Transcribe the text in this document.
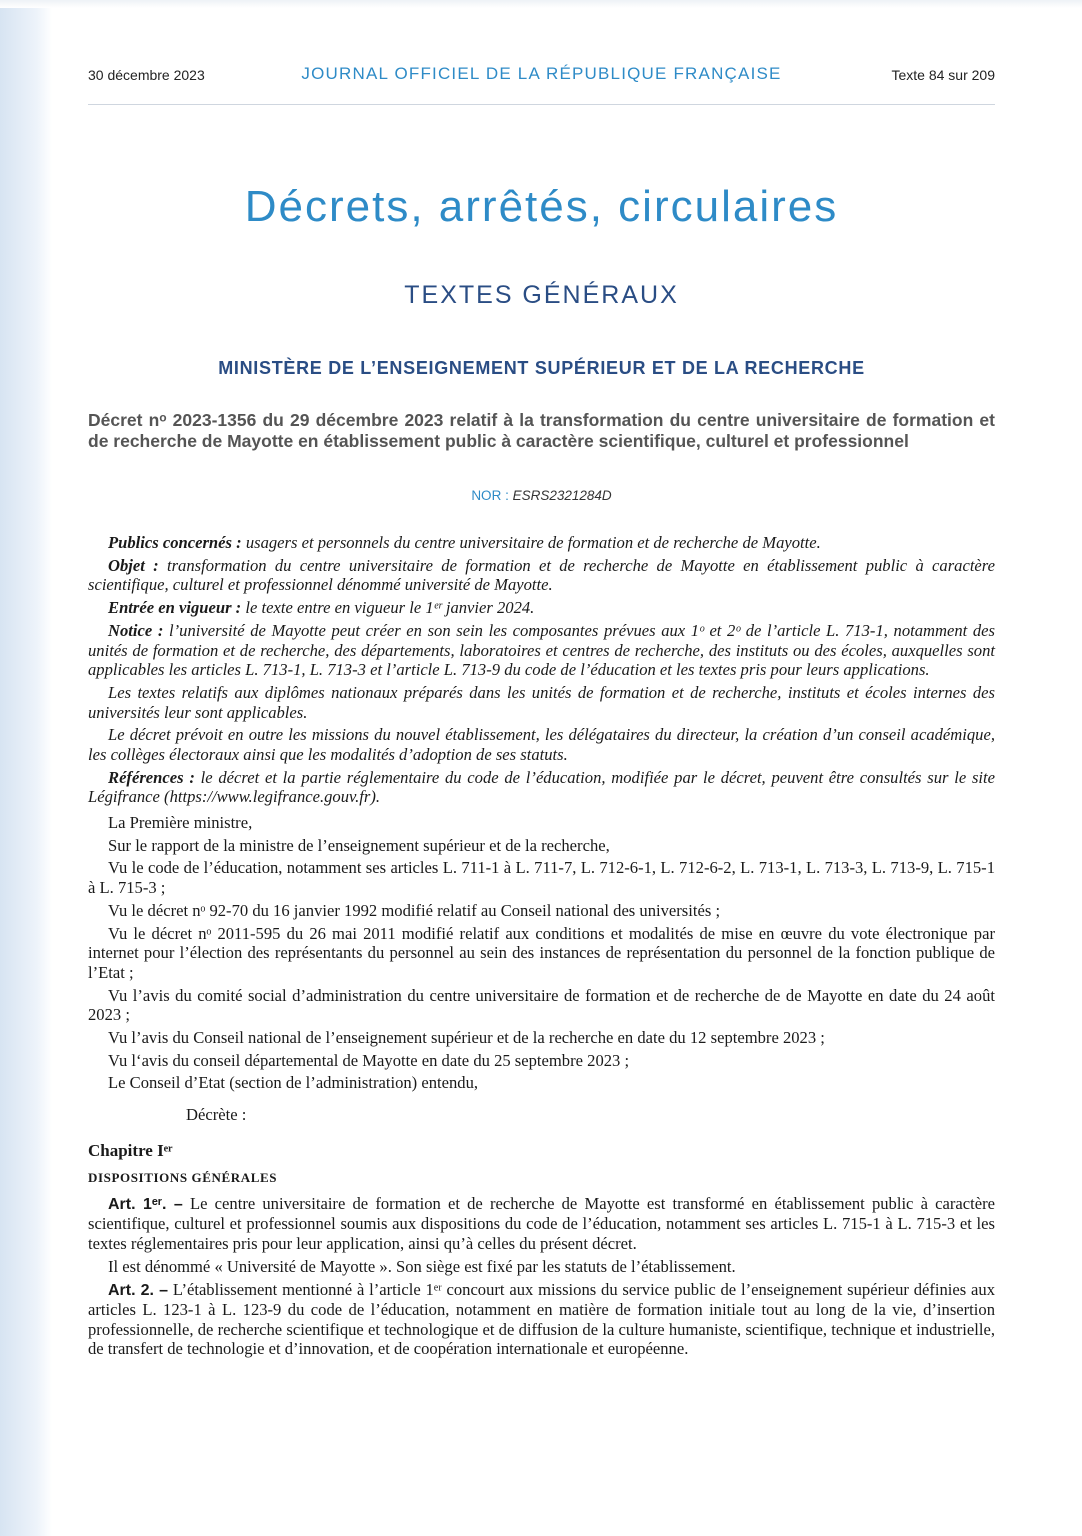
30 décembre 2023	JOURNAL OFFICIEL DE LA RÉPUBLIQUE FRANÇAISE	Texte 84 sur 209
Décrets, arrêtés, circulaires
TEXTES GÉNÉRAUX
MINISTÈRE DE L’ENSEIGNEMENT SUPÉRIEUR ET DE LA RECHERCHE
Décret nᵒ 2023-1356 du 29 décembre 2023 relatif à la transformation du centre universitaire de formation et de recherche de Mayotte en établissement public à caractère scientifique, culturel et professionnel
NOR : ESRS2321284D

Publics concernés : usagers et personnels du centre universitaire de formation et de recherche de Mayotte.

Objet : transformation du centre universitaire de formation et de recherche de Mayotte en établissement public à caractère scientifique, culturel et professionnel dénommé université de Mayotte.

Entrée en vigueur : le texte entre en vigueur le 1ᵉʳ janvier 2024.

Notice : l’université de Mayotte peut créer en son sein les composantes prévues aux 1ᵒ et 2ᵒ de l’article L. 713-1, notamment des unités de formation et de recherche, des départements, laboratoires et centres de recherche, des instituts ou des écoles, auxquelles sont applicables les articles L. 713-1, L. 713-3 et l’article L. 713-9 du code de l’éducation et les textes pris pour leurs applications.

Les textes relatifs aux diplômes nationaux préparés dans les unités de formation et de recherche, instituts et écoles internes des universités leur sont applicables.

Le décret prévoit en outre les missions du nouvel établissement, les délégataires du directeur, la création d’un conseil académique, les collèges électoraux ainsi que les modalités d’adoption de ses statuts.

Références : le décret et la partie réglementaire du code de l’éducation, modifiée par le décret, peuvent être consultés sur le site Légifrance (https://www.legifrance.gouv.fr).

La Première ministre,

Sur le rapport de la ministre de l’enseignement supérieur et de la recherche,

Vu le code de l’éducation, notamment ses articles L. 711-1 à L. 711-7, L. 712-6-1, L. 712-6-2, L. 713-1, L. 713-3, L. 713-9, L. 715-1 à L. 715-3 ;

Vu le décret nᵒ 92-70 du 16 janvier 1992 modifié relatif au Conseil national des universités ;

Vu le décret nᵒ 2011-595 du 26 mai 2011 modifié relatif aux conditions et modalités de mise en œuvre du vote électronique par internet pour l’élection des représentants du personnel au sein des instances de représentation du personnel de la fonction publique de l’Etat ;

Vu l’avis du comité social d’administration du centre universitaire de formation et de recherche de de Mayotte en date du 24 août 2023 ;

Vu l’avis du Conseil national de l’enseignement supérieur et de la recherche en date du 12 septembre 2023 ;

Vu l‘avis du conseil départemental de Mayotte en date du 25 septembre 2023 ;

Le Conseil d’Etat (section de l’administration) entendu,

Décrète :

Chapitre Iᵉʳ

DISPOSITIONS GÉNÉRALES

Art. 1ᵉʳ. – Le centre universitaire de formation et de recherche de Mayotte est transformé en établissement public à caractère scientifique, culturel et professionnel soumis aux dispositions du code de l’éducation, notamment ses articles L. 715-1 à L. 715-3 et les textes réglementaires pris pour leur application, ainsi qu’à celles du présent décret.

Il est dénommé « Université de Mayotte ». Son siège est fixé par les statuts de l’établissement.

Art. 2. – L’établissement mentionné à l’article 1ᵉʳ concourt aux missions du service public de l’enseignement supérieur définies aux articles L. 123-1 à L. 123-9 du code de l’éducation, notamment en matière de formation initiale tout au long de la vie, d’insertion professionnelle, de recherche scientifique et technologique et de diffusion de la culture humaniste, scientifique, technique et industrielle, de transfert de technologie et d’innovation, et de coopération internationale et européenne.
